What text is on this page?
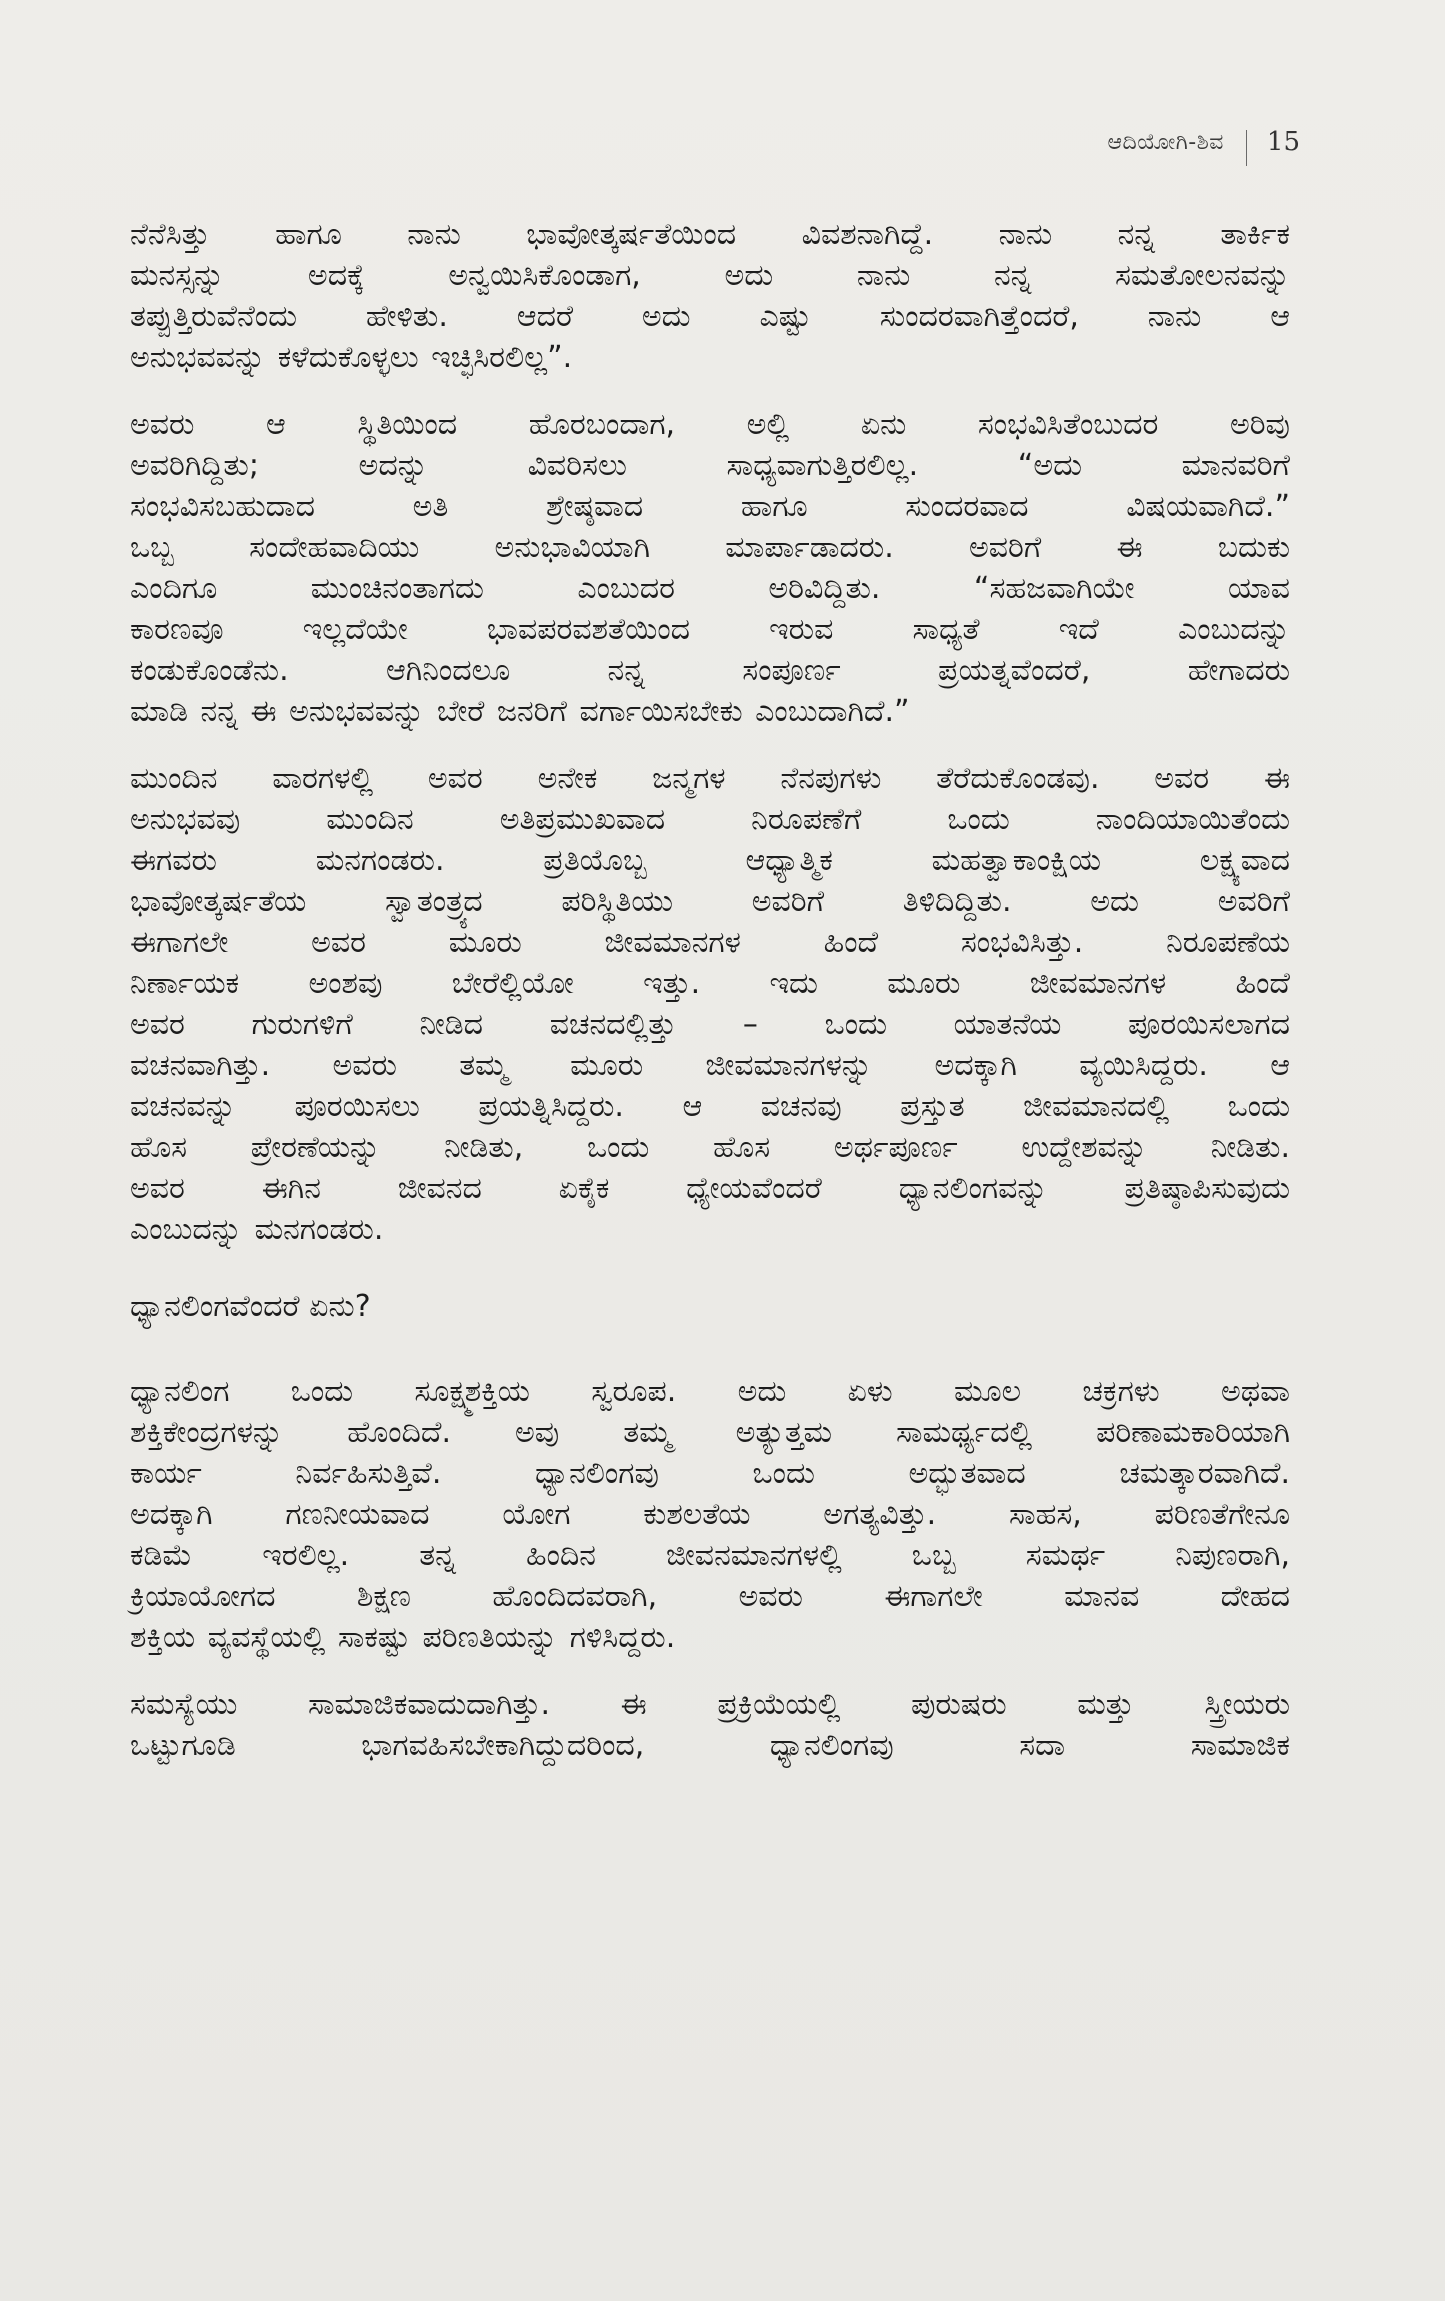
ಆದಿಯೋಗಿ-ಶಿವ 15

ನೆನೆಸಿತ್ತು ಹಾಗೂ ನಾನು ಭಾವೋತ್ಕರ್ಷತೆಯಿಂದ ವಿವಶನಾಗಿದ್ದೆ. ನಾನು ನನ್ನ ತಾರ್ಕಿಕ
ಮನಸ್ಸನ್ನು ಅದಕ್ಕೆ ಅನ್ವಯಿಸಿಕೊಂಡಾಗ, ಅದು ನಾನು ನನ್ನ ಸಮತೋಲನವನ್ನು
ತಪ್ಪುತ್ತಿರುವೆನೆಂದು ಹೇಳಿತು. ಆದರೆ ಅದು ಎಷ್ಟು ಸುಂದರವಾಗಿತ್ತೆಂದರೆ, ನಾನು ಆ
ಅನುಭವವನ್ನು ಕಳೆದುಕೊಳ್ಳಲು ಇಚ್ಛಿಸಿರಲಿಲ್ಲ”.

ಅವರು ಆ ಸ್ಥಿತಿಯಿಂದ ಹೊರಬಂದಾಗ, ಅಲ್ಲಿ ಏನು ಸಂಭವಿಸಿತೆಂಬುದರ ಅರಿವು
ಅವರಿಗಿದ್ದಿತು; ಅದನ್ನು ವಿವರಿಸಲು ಸಾಧ್ಯವಾಗುತ್ತಿರಲಿಲ್ಲ. “ಅದು ಮಾನವರಿಗೆ
ಸಂಭವಿಸಬಹುದಾದ ಅತಿ ಶ್ರೇಷ್ಠವಾದ ಹಾಗೂ ಸುಂದರವಾದ ವಿಷಯವಾಗಿದೆ.”
ಒಬ್ಬ ಸಂದೇಹವಾದಿಯು ಅನುಭಾವಿಯಾಗಿ ಮಾರ್ಪಾಡಾದರು. ಅವರಿಗೆ ಈ ಬದುಕು
ಎಂದಿಗೂ ಮುಂಚಿನಂತಾಗದು ಎಂಬುದರ ಅರಿವಿದ್ದಿತು. “ಸಹಜವಾಗಿಯೇ ಯಾವ
ಕಾರಣವೂ ಇಲ್ಲದೆಯೇ ಭಾವಪರವಶತೆಯಿಂದ ಇರುವ ಸಾಧ್ಯತೆ ಇದೆ ಎಂಬುದನ್ನು
ಕಂಡುಕೊಂಡೆನು. ಆಗಿನಿಂದಲೂ ನನ್ನ ಸಂಪೂರ್ಣ ಪ್ರಯತ್ನವೆಂದರೆ, ಹೇಗಾದರು
ಮಾಡಿ ನನ್ನ ಈ ಅನುಭವವನ್ನು ಬೇರೆ ಜನರಿಗೆ ವರ್ಗಾಯಿಸಬೇಕು ಎಂಬುದಾಗಿದೆ.”

ಮುಂದಿನ ವಾರಗಳಲ್ಲಿ ಅವರ ಅನೇಕ ಜನ್ಮಗಳ ನೆನಪುಗಳು ತೆರೆದುಕೊಂಡವು. ಅವರ ಈ
ಅನುಭವವು ಮುಂದಿನ ಅತಿಪ್ರಮುಖವಾದ ನಿರೂಪಣೆಗೆ ಒಂದು ನಾಂದಿಯಾಯಿತೆಂದು
ಈಗವರು ಮನಗಂಡರು. ಪ್ರತಿಯೊಬ್ಬ ಆಧ್ಯಾತ್ಮಿಕ ಮಹತ್ವಾಕಾಂಕ್ಷಿಯ ಲಕ್ಷ್ಯವಾದ
ಭಾವೋತ್ಕರ್ಷತೆಯ ಸ್ವಾತಂತ್ರ್ಯದ ಪರಿಸ್ಥಿತಿಯು ಅವರಿಗೆ ತಿಳಿದಿದ್ದಿತು. ಅದು ಅವರಿಗೆ
ಈಗಾಗಲೇ ಅವರ ಮೂರು ಜೀವಮಾನಗಳ ಹಿಂದೆ ಸಂಭವಿಸಿತ್ತು. ನಿರೂಪಣೆಯ
ನಿರ್ಣಾಯಕ ಅಂಶವು ಬೇರೆಲ್ಲಿಯೋ ಇತ್ತು. ಇದು ಮೂರು ಜೀವಮಾನಗಳ ಹಿಂದೆ
ಅವರ ಗುರುಗಳಿಗೆ ನೀಡಿದ ವಚನದಲ್ಲಿತ್ತು – ಒಂದು ಯಾತನೆಯ ಪೂರಯಿಸಲಾಗದ
ವಚನವಾಗಿತ್ತು. ಅವರು ತಮ್ಮ ಮೂರು ಜೀವಮಾನಗಳನ್ನು ಅದಕ್ಕಾಗಿ ವ್ಯಯಿಸಿದ್ದರು. ಆ
ವಚನವನ್ನು ಪೂರಯಿಸಲು ಪ್ರಯತ್ನಿಸಿದ್ದರು. ಆ ವಚನವು ಪ್ರಸ್ತುತ ಜೀವಮಾನದಲ್ಲಿ ಒಂದು
ಹೊಸ ಪ್ರೇರಣೆಯನ್ನು ನೀಡಿತು, ಒಂದು ಹೊಸ ಅರ್ಥಪೂರ್ಣ ಉದ್ದೇಶವನ್ನು ನೀಡಿತು.
ಅವರ ಈಗಿನ ಜೀವನದ ಏಕೈಕ ಧ್ಯೇಯವೆಂದರೆ ಧ್ಯಾನಲಿಂಗವನ್ನು ಪ್ರತಿಷ್ಠಾಪಿಸುವುದು
ಎಂಬುದನ್ನು ಮನಗಂಡರು.

ಧ್ಯಾನಲಿಂಗವೆಂದರೆ ಏನು?

ಧ್ಯಾನಲಿಂಗ ಒಂದು ಸೂಕ್ಷ್ಮಶಕ್ತಿಯ ಸ್ವರೂಪ. ಅದು ಏಳು ಮೂಲ ಚಕ್ರಗಳು ಅಥವಾ
ಶಕ್ತಿಕೇಂದ್ರಗಳನ್ನು ಹೊಂದಿದೆ. ಅವು ತಮ್ಮ ಅತ್ಯುತ್ತಮ ಸಾಮರ್ಥ್ಯದಲ್ಲಿ ಪರಿಣಾಮಕಾರಿಯಾಗಿ
ಕಾರ್ಯ ನಿರ್ವಹಿಸುತ್ತಿವೆ. ಧ್ಯಾನಲಿಂಗವು ಒಂದು ಅದ್ಭುತವಾದ ಚಮತ್ಕಾರವಾಗಿದೆ.
ಅದಕ್ಕಾಗಿ ಗಣನೀಯವಾದ ಯೋಗ ಕುಶಲತೆಯ ಅಗತ್ಯವಿತ್ತು. ಸಾಹಸ, ಪರಿಣತೆಗೇನೂ
ಕಡಿಮೆ ಇರಲಿಲ್ಲ. ತನ್ನ ಹಿಂದಿನ ಜೀವನಮಾನಗಳಲ್ಲಿ ಒಬ್ಬ ಸಮರ್ಥ ನಿಪುಣರಾಗಿ,
ಕ್ರಿಯಾಯೋಗದ ಶಿಕ್ಷಣ ಹೊಂದಿದವರಾಗಿ, ಅವರು ಈಗಾಗಲೇ ಮಾನವ ದೇಹದ
ಶಕ್ತಿಯ ವ್ಯವಸ್ಥೆಯಲ್ಲಿ ಸಾಕಷ್ಟು ಪರಿಣತಿಯನ್ನು ಗಳಿಸಿದ್ದರು.

ಸಮಸ್ಯೆಯು ಸಾಮಾಜಿಕವಾದುದಾಗಿತ್ತು. ಈ ಪ್ರಕ್ರಿಯೆಯಲ್ಲಿ ಪುರುಷರು ಮತ್ತು ಸ್ತ್ರೀಯರು
ಒಟ್ಟುಗೂಡಿ ಭಾಗವಹಿಸಬೇಕಾಗಿದ್ದುದರಿಂದ, ಧ್ಯಾನಲಿಂಗವು ಸದಾ ಸಾಮಾಜಿಕ
